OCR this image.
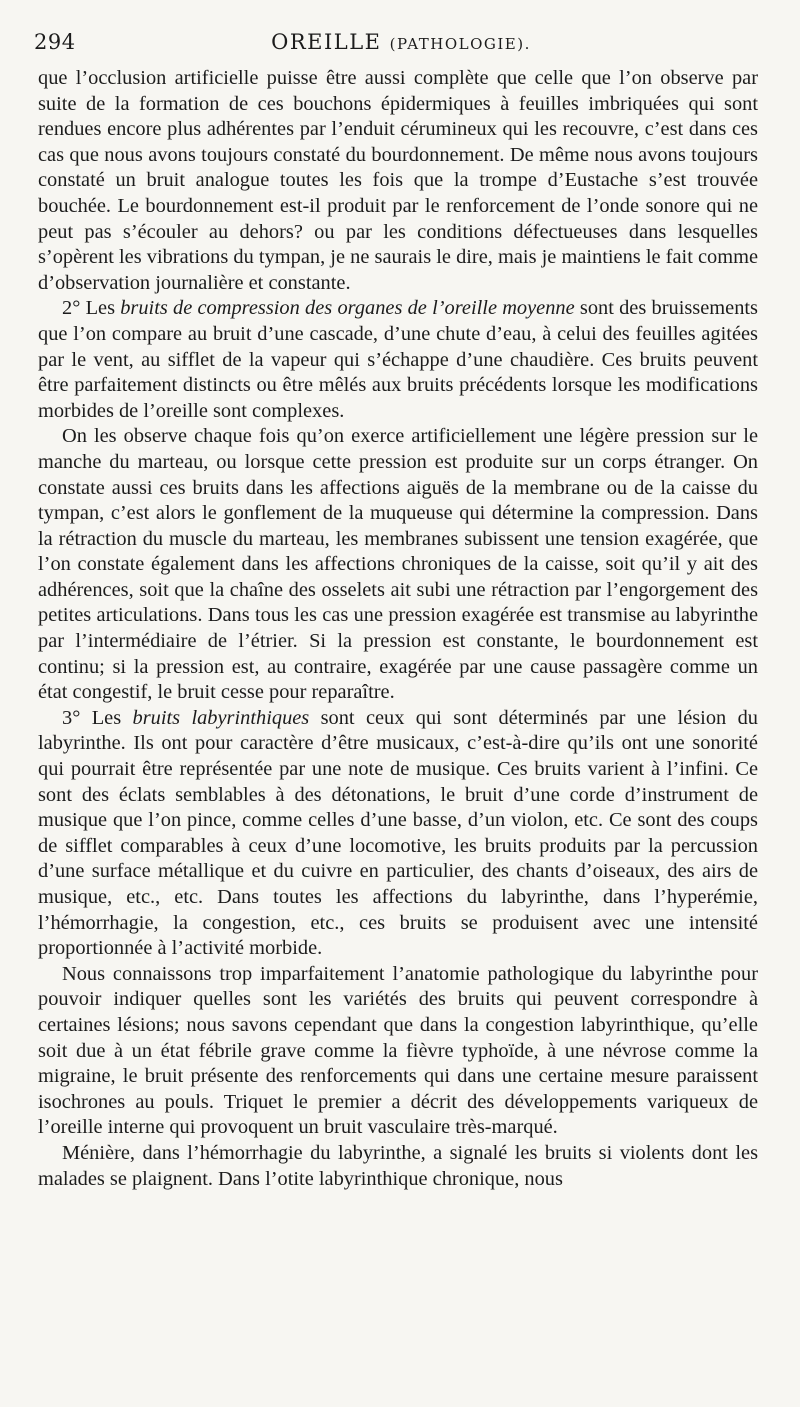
294	OREILLE (PATHOLOGIE).

que l’occlusion artificielle puisse être aussi complète que celle que l’on observe par suite de la formation de ces bouchons épidermiques à feuilles imbriquées qui sont rendues encore plus adhérentes par l’enduit cérumineux qui les recouvre, c’est dans ces cas que nous avons toujours constaté du bourdonnement. De même nous avons toujours constaté un bruit analogue toutes les fois que la trompe d’Eustache s’est trouvée bouchée. Le bourdonnement est-il produit par le renforcement de l’onde sonore qui ne peut pas s’écouler au dehors? ou par les conditions défectueuses dans lesquelles s’opèrent les vibrations du tympan, je ne saurais le dire, mais je maintiens le fait comme d’observation journalière et constante.

2° Les bruits de compression des organes de l’oreille moyenne sont des bruissements que l’on compare au bruit d’une cascade, d’une chute d’eau, à celui des feuilles agitées par le vent, au sifflet de la vapeur qui s’échappe d’une chaudière. Ces bruits peuvent être parfaitement distincts ou être mêlés aux bruits précédents lorsque les modifications morbides de l’oreille sont complexes.

On les observe chaque fois qu’on exerce artificiellement une légère pression sur le manche du marteau, ou lorsque cette pression est produite sur un corps étranger. On constate aussi ces bruits dans les affections aiguës de la membrane ou de la caisse du tympan, c’est alors le gonflement de la muqueuse qui détermine la compression. Dans la rétraction du muscle du marteau, les membranes subissent une tension exagérée, que l’on constate également dans les affections chroniques de la caisse, soit qu’il y ait des adhérences, soit que la chaîne des osselets ait subi une rétraction par l’engorgement des petites articulations. Dans tous les cas une pression exagérée est transmise au labyrinthe par l’intermédiaire de l’étrier. Si la pression est constante, le bourdonnement est continu; si la pression est, au contraire, exagérée par une cause passagère comme un état congestif, le bruit cesse pour reparaître.

3° Les bruits labyrinthiques sont ceux qui sont déterminés par une lésion du labyrinthe. Ils ont pour caractère d’être musicaux, c’est-à-dire qu’ils ont une sonorité qui pourrait être représentée par une note de musique. Ces bruits varient à l’infini. Ce sont des éclats semblables à des détonations, le bruit d’une corde d’instrument de musique que l’on pince, comme celles d’une basse, d’un violon, etc. Ce sont des coups de sifflet comparables à ceux d’une locomotive, les bruits produits par la percussion d’une surface métallique et du cuivre en particulier, des chants d’oiseaux, des airs de musique, etc., etc. Dans toutes les affections du labyrinthe, dans l’hyperémie, l’hémorrhagie, la congestion, etc., ces bruits se produisent avec une intensité proportionnée à l’activité morbide.

Nous connaissons trop imparfaitement l’anatomie pathologique du labyrinthe pour pouvoir indiquer quelles sont les variétés des bruits qui peuvent correspondre à certaines lésions; nous savons cependant que dans la congestion labyrinthique, qu’elle soit due à un état fébrile grave comme la fièvre typhoïde, à une névrose comme la migraine, le bruit présente des renforcements qui dans une certaine mesure paraissent isochrones au pouls. Triquet le premier a décrit des développements variqueux de l’oreille interne qui provoquent un bruit vasculaire très-marqué.

Ménière, dans l’hémorrhagie du labyrinthe, a signalé les bruits si violents dont les malades se plaignent. Dans l’otite labyrinthique chronique, nous
